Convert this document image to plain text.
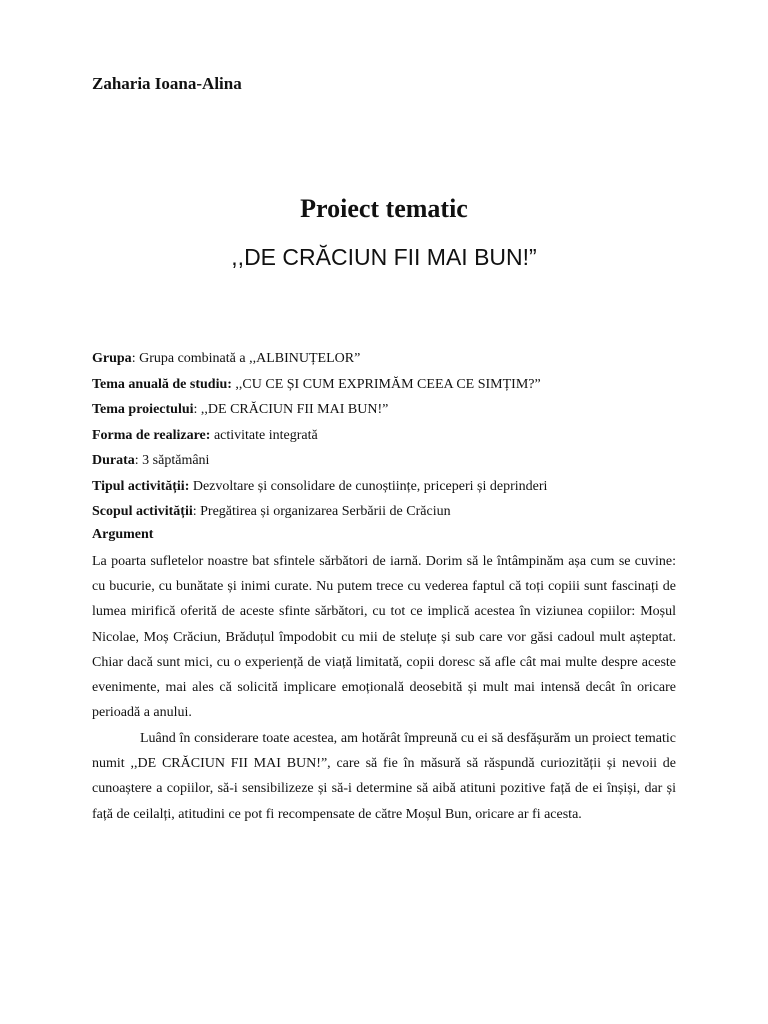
Zaharia Ioana-Alina
Proiect tematic
,,DE CRĂCIUN FII MAI BUN!”
Grupa: Grupa combinată a ,,ALBINUȚELOR”
Tema anuală de studiu: ,,CU CE ȘI CUM EXPRIMĂM CEEA CE SIMȚIM?”
Tema proiectului: ,,DE CRĂCIUN FII MAI BUN!”
Forma de realizare: activitate integrată
Durata: 3 săptămâni
Tipul activității: Dezvoltare și consolidare de cunoștiințe, priceperi și deprinderi
Scopul activității: Pregătirea și organizarea Serbării de Crăciun
Argument
La poarta sufletelor noastre bat sfintele sărbători de iarnă. Dorim să le întâmpinăm așa cum se cuvine: cu bucurie, cu bunătate și inimi curate. Nu putem trece cu vederea faptul că toți copiii sunt fascinați de lumea mirifică oferită de aceste sfinte sărbători, cu tot ce implică acestea în viziunea copiilor: Moșul Nicolae, Moș Crăciun, Brăduțul împodobit cu mii de steluțe și sub care vor găsi cadoul mult așteptat. Chiar dacă sunt mici, cu o experiență de viață limitată, copii doresc să afle cât mai multe despre aceste evenimente, mai ales că solicită implicare emoțională deosebită și mult mai intensă decât în oricare perioadă a anului.
Luând în considerare toate acestea, am hotărât împreună cu ei să desfășurăm un proiect tematic numit ,,DE CRĂCIUN FII MAI BUN!”, care să fie în măsură să răspundă curiozității și nevoii de cunoaștere a copiilor, să-i sensibilizeze și să-i determine să aibă atituni pozitive față de ei înșiși, dar și față de ceilalți, atitudini ce pot fi recompensate de către Moșul Bun, oricare ar fi acesta.
